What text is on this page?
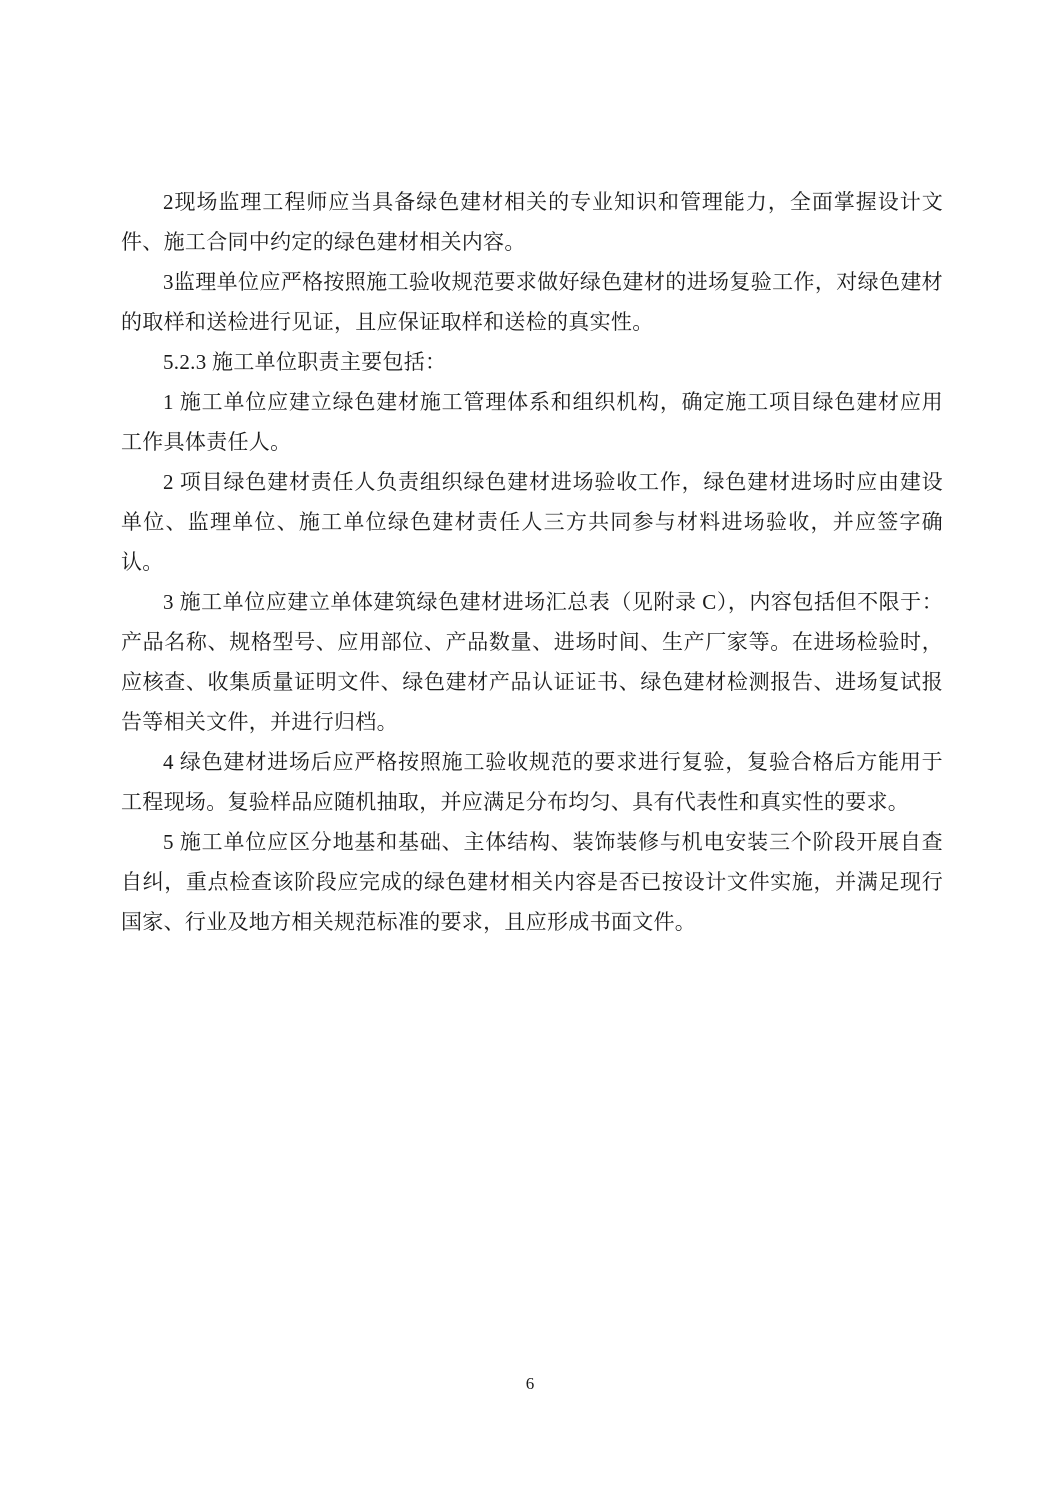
2现场监理工程师应当具备绿色建材相关的专业知识和管理能力，全面掌握设计文件、施工合同中约定的绿色建材相关内容。

3监理单位应严格按照施工验收规范要求做好绿色建材的进场复验工作，对绿色建材的取样和送检进行见证，且应保证取样和送检的真实性。

5.2.3 施工单位职责主要包括：

1 施工单位应建立绿色建材施工管理体系和组织机构，确定施工项目绿色建材应用工作具体责任人。

2 项目绿色建材责任人负责组织绿色建材进场验收工作，绿色建材进场时应由建设单位、监理单位、施工单位绿色建材责任人三方共同参与材料进场验收，并应签字确认。

3 施工单位应建立单体建筑绿色建材进场汇总表（见附录 C），内容包括但不限于：产品名称、规格型号、应用部位、产品数量、进场时间、生产厂家等。在进场检验时，应核查、收集质量证明文件、绿色建材产品认证证书、绿色建材检测报告、进场复试报告等相关文件，并进行归档。

4 绿色建材进场后应严格按照施工验收规范的要求进行复验，复验合格后方能用于工程现场。复验样品应随机抽取，并应满足分布均匀、具有代表性和真实性的要求。

5 施工单位应区分地基和基础、主体结构、装饰装修与机电安装三个阶段开展自查自纠，重点检查该阶段应完成的绿色建材相关内容是否已按设计文件实施，并满足现行国家、行业及地方相关规范标准的要求，且应形成书面文件。

6
